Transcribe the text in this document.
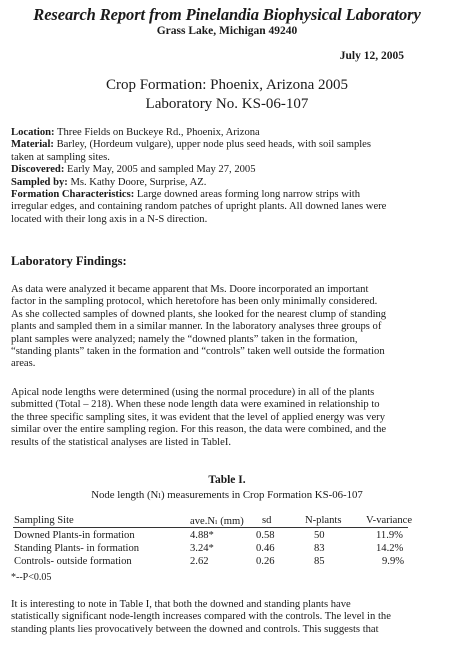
Research Report from Pinelandia Biophysical Laboratory
Grass Lake, Michigan 49240
July 12, 2005
Crop Formation: Phoenix, Arizona 2005
Laboratory No. KS-06-107
Location: Three Fields on Buckeye Rd., Phoenix, Arizona
Material: Barley, (Hordeum vulgare), upper node plus seed heads, with soil samples
taken at sampling sites.
Discovered: Early May, 2005 and sampled May 27, 2005
Sampled by: Ms. Kathy Doore, Surprise, AZ.
Formation Characteristics: Large downed areas forming long narrow strips with
irregular edges, and containing random patches of upright plants. All downed lanes were
located with their long axis in a N-S direction.
Laboratory Findings:
As data were analyzed it became apparent that Ms. Doore incorporated an important
factor in the sampling protocol, which heretofore has been only minimally considered.
As she collected samples of downed plants, she looked for the nearest clump of standing
plants and sampled them in a similar manner. In the laboratory analyses three groups of
plant samples were analyzed; namely the “downed plants” taken in the formation,
“standing plants” taken in the formation and “controls” taken well outside the formation
areas.
Apical node lengths were determined (using the normal procedure) in all of the plants
submitted (Total – 218). When these node length data were examined in relationship to
the three specific sampling sites, it was evident that the level of applied energy was very
similar over the entire sampling region. For this reason, the data were combined, and the
results of the statistical analyses are listed in TableI.
Table I.
Node length (Nₗ) measurements in Crop Formation KS-06-107
Sampling Site	ave.Nₗ (mm) sd	N-plants V-variance
Downed Plants-in formation	4.88*	0.58	50	11.9%
Standing Plants- in formation	3.24*	0.46	83	14.2%
Controls- outside formation	2.62	0.26	85	9.9%
*--P<0.05
It is interesting to note in Table I, that both the downed and standing plants have
statistically significant node-length increases compared with the controls. The level in the
standing plants lies provocatively between the downed and controls. This suggests that
